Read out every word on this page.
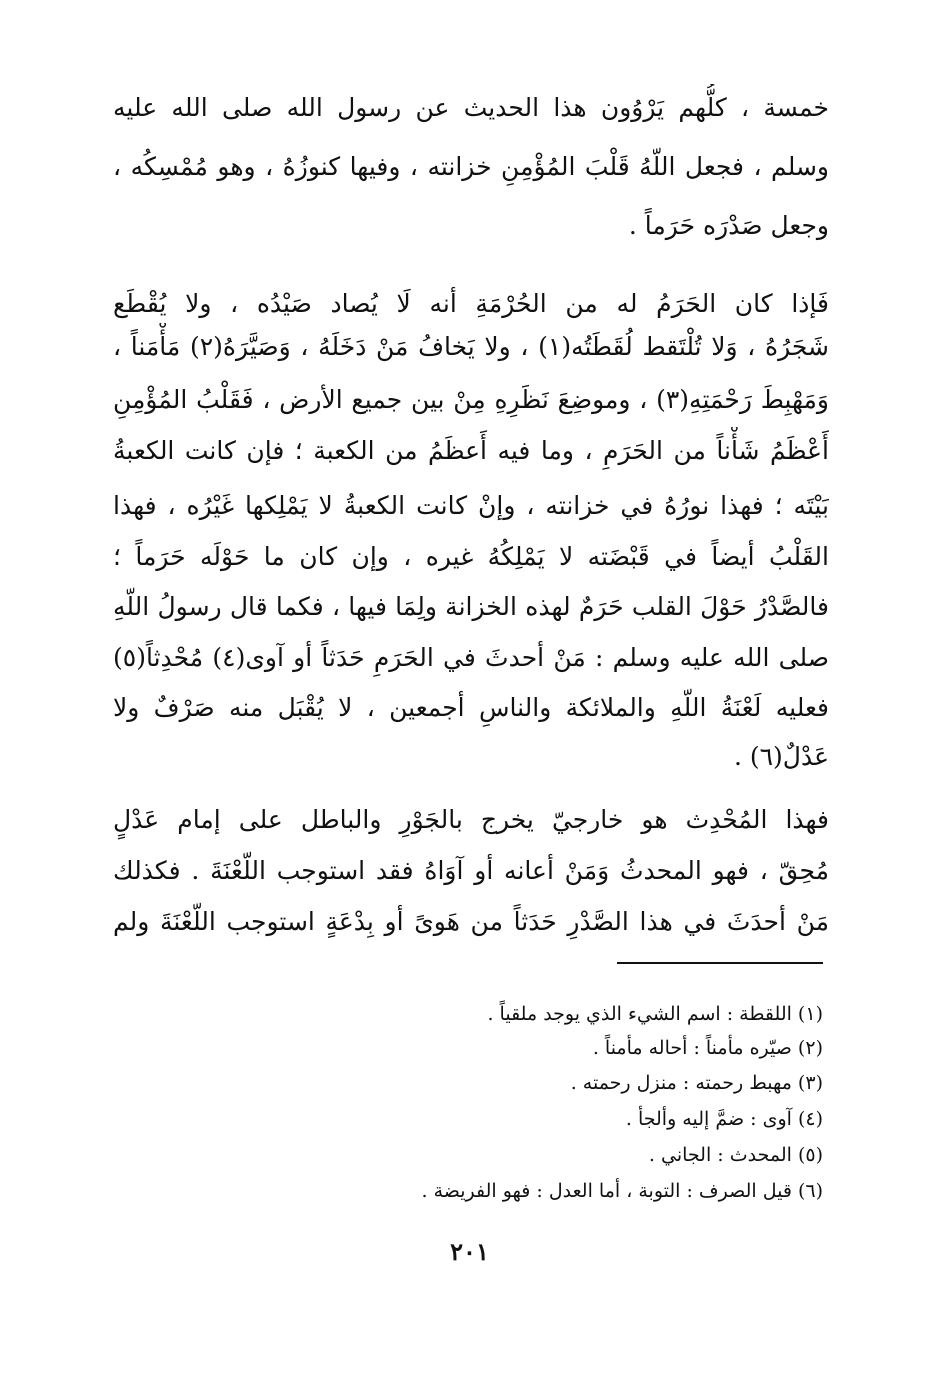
خمسة ، كلُّهم يَرْوُون هذا الحديث عن رسول الله صلى الله عليه
وسلم ، فجعل اللّهُ قَلْبَ المُؤْمِنِ خزانته ، وفيها كنوزُهُ ، وهو مُمْسِكُه ،
وجعل صَدْرَه حَرَماً .
فَإذا كان الحَرَمُ له من الحُرْمَةِ أنه لَا يُصاد صَيْدُه ، ولا يُقْطَع
شَجَرُهُ ، وَلا تُلْتَقط لُقَطَتُه(١) ، ولا يَخافُ مَنْ دَخَلَهُ ، وَصَيَّرَهُ(٢) مَأْمَناً ،
وَمَهْبِطَ رَحْمَتِهِ(٣) ، وموضِعَ نَظَرِهِ مِنْ بين جميع الأرض ، فَقَلْبُ المُؤْمِنِ
أَعْظَمُ شَأْناً من الحَرَمِ ، وما فيه أَعظَمُ من الكعبة ؛ فإن كانت الكعبةُ
بَيْتَه ؛ فهذا نورُهُ في خزانته ، وإنْ كانت الكعبةُ لا يَمْلِكها غَيْرُه ، فهذا
القَلْبُ أيضاً في قَبْضَته لا يَمْلِكُهُ غيره ، وإن كان ما حَوْلَه حَرَماً ؛
فالصَّدْرُ حَوْلَ القلب حَرَمٌ لهذه الخزانة ولِمَا فيها ، فكما قال رسولُ اللّهِ
صلى الله عليه وسلم : مَنْ أحدثَ في الحَرَمِ حَدَثاً أو آوى(٤) مُحْدِثاً(٥)
فعليه لَعْنَةُ اللّهِ والملائكة والناسِ أجمعين ، لا يُقْبَل منه صَرْفٌ ولا
عَدْلٌ(٦) .
فهذا المُحْدِث هو خارجيّ يخرج بالجَوْرِ والباطل على إمام عَدْلٍ
مُحِقّ ، فهو المحدثُ وَمَنْ أعانه أو آوَاهُ فقد استوجب اللّعْنَةَ . فكذلك
مَنْ أحدَثَ في هذا الصَّدْرِ حَدَثاً من هَوىً أو بِدْعَةٍ استوجب اللّعْنَةَ ولم
(١) اللقطة : اسم الشيء الذي يوجد ملقياً .
(٢) صيّره مأمناً : أحاله مأمناً .
(٣) مهبط رحمته : منزل رحمته .
(٤) آوى : ضمَّ إليه وألجأ .
(٥) المحدث : الجاني .
(٦) قيل الصرف : التوبة ، أما العدل : فهو الفريضة .
٢٠١
